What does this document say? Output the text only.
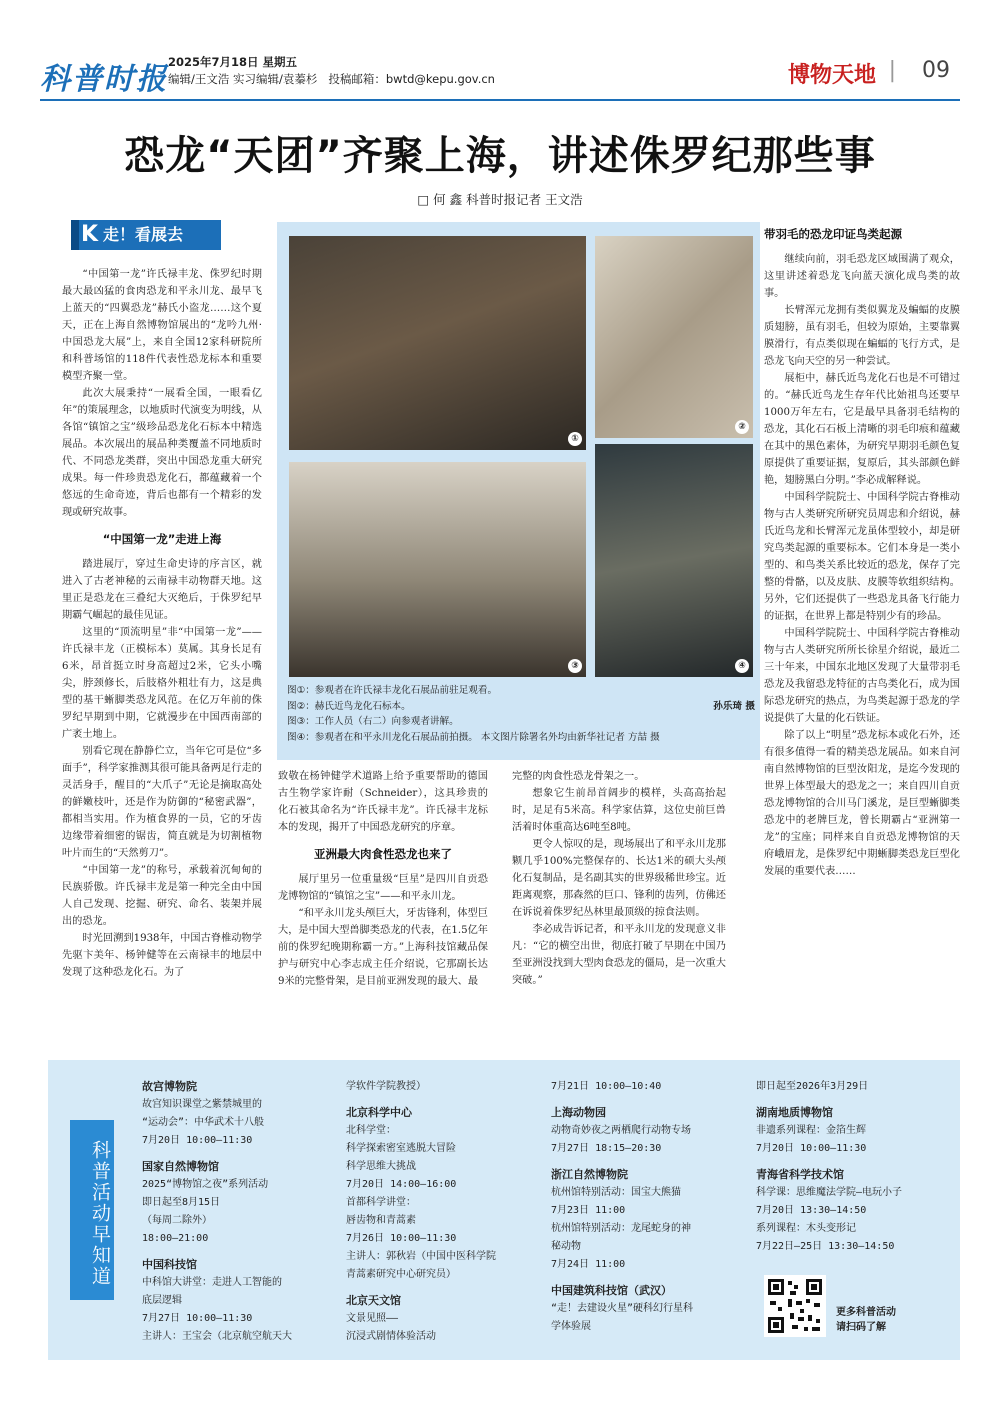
科普时报 2025年7月18日 星期五
编辑/王文浩 实习编辑/袁蓁杉 投稿邮箱：bwtd@kepu.gov.cn	博物天地 | 09
恐龙“天团”齐聚上海，讲述侏罗纪那些事
□ 何 鑫 科普时报记者 王文浩
K 走！看展去

“中国第一龙”许氏禄丰龙、侏罗纪时期最大最凶猛的食肉恐龙和平永川龙、最早飞上蓝天的“四翼恐龙”赫氏小盗龙……这个夏天，正在上海自然博物馆展出的“龙吟九州·中国恐龙大展”上，来自全国12家科研院所和科普场馆的118件代表性恐龙标本和重要模型齐聚一堂。

此次大展秉持“一展看全国，一眼看亿年”的策展理念，以地质时代演变为明线，从各馆“镇馆之宝”级珍品恐龙化石标本中精选展品。本次展出的展品种类覆盖不同地质时代、不同恐龙类群，突出中国恐龙重大研究成果。每一件珍贵恐龙化石，都蕴藏着一个悠远的生命奇迹，背后也都有一个精彩的发现或研究故事。

“中国第一龙”走进上海

踏进展厅，穿过生命史诗的序言区，就进入了古老神秘的云南禄丰动物群天地。这里正是恐龙在三叠纪大灭绝后，于侏罗纪早期霸气崛起的最佳见证。

这里的“顶流明星”非“中国第一龙”——许氏禄丰龙（正模标本）莫属。其身长足有6米，昂首挺立时身高超过2米，它头小嘴尖，脖颈修长，后肢格外粗壮有力，这是典型的基干蜥脚类恐龙风范。在亿万年前的侏罗纪早期到中期，它就漫步在中国西南部的广袤土地上。

别看它现在静静伫立，当年它可是位“多面手”，科学家推测其很可能具备两足行走的灵活身手，醒目的“大爪子”无论是摘取高处的鲜嫩枝叶，还是作为防御的“秘密武器”，都相当实用。作为植食界的一员，它的牙齿边缘带着细密的锯齿，简直就是为切割植物叶片而生的“天然剪刀”。

“中国第一龙”的称号，承载着沉甸甸的民族骄傲。许氏禄丰龙是第一种完全由中国人自己发现、挖掘、研究、命名、装架并展出的恐龙。

时光回溯到1938年，中国古脊椎动物学先驱卞美年、杨钟健等在云南禄丰的地层中发现了这种恐龙化石。为了

①
②
③	④
图①：参观者在许氏禄丰龙化石展品前驻足观看。
图②：赫氏近鸟龙化石标本。	孙乐琦 摄
图③：工作人员（右二）向参观者讲解。
图④：参观者在和平永川龙化石展品前拍摄。 本文图片除署名外均由新华社记者 方喆 摄

致敬在杨钟健学术道路上给予重要帮助的德国古生物学家许耐（Schneider），这具珍贵的化石被其命名为“许氏禄丰龙”。许氏禄丰龙标本的发现，揭开了中国恐龙研究的序章。

亚洲最大肉食性恐龙也来了

展厅里另一位重量级“巨星”是四川自贡恐龙博物馆的“镇馆之宝”——和平永川龙。

“和平永川龙头颅巨大，牙齿锋利，体型巨大，是中国大型兽脚类恐龙的代表，在1.5亿年前的侏罗纪晚期称霸一方。”上海科技馆藏品保护与研究中心李志成主任介绍说，它那副长达9米的完整骨架，是目前亚洲发现的最大、最

完整的肉食性恐龙骨架之一。

想象它生前昂首阔步的模样，头高高抬起时，足足有5米高。科学家估算，这位史前巨兽活着时体重高达6吨至8吨。

更令人惊叹的是，现场展出了和平永川龙那颗几乎100%完整保存的、长达1米的硕大头颅化石复制品，是名副其实的世界级稀世珍宝。近距离观察，那森然的巨口、锋利的齿列，仿佛还在诉说着侏罗纪丛林里最顶级的掠食法则。

李必成告诉记者，和平永川龙的发现意义非凡：“它的横空出世，彻底打破了早期在中国乃至亚洲没找到大型肉食恐龙的僵局，是一次重大突破。”

带羽毛的恐龙印证鸟类起源

继续向前，羽毛恐龙区域围满了观众，这里讲述着恐龙飞向蓝天演化成鸟类的故事。

长臂浑元龙拥有类似翼龙及蝙蝠的皮膜质翅膀，虽有羽毛，但较为原始，主要靠翼膜滑行，有点类似现在蝙蝠的飞行方式，是恐龙飞向天空的另一种尝试。

展柜中，赫氏近鸟龙化石也是不可错过的。“赫氏近鸟龙生存年代比始祖鸟还要早1000万年左右，它是最早具备羽毛结构的恐龙，其化石石板上清晰的羽毛印痕和蕴藏在其中的黑色素体，为研究早期羽毛颜色复原提供了重要证据，复原后，其头部颜色鲜艳，翅膀黑白分明。”李必成解释说。

中国科学院院士、中国科学院古脊椎动物与古人类研究所研究员周忠和介绍说，赫氏近鸟龙和长臂浑元龙虽体型较小，却是研究鸟类起源的重要标本。它们本身是一类小型的、和鸟类关系比较近的恐龙，保存了完整的骨骼，以及皮肤、皮膜等软组织结构。另外，它们还提供了一些恐龙具备飞行能力的证据，在世界上都是特别少有的珍品。

中国科学院院士、中国科学院古脊椎动物与古人类研究所所长徐星介绍说，最近二三十年来，中国东北地区发现了大量带羽毛恐龙及我留恐龙特征的古鸟类化石，成为国际恐龙研究的热点，为鸟类起源于恐龙的学说提供了大量的化石铁证。

除了以上“明星”恐龙标本或化石外，还有很多值得一看的精美恐龙展品。如来自河南自然博物馆的巨型汝阳龙，是迄今发现的世界上体型最大的恐龙之一；来自四川自贡恐龙博物馆的合川马门溪龙，是巨型蜥脚类恐龙中的老牌巨龙，曾长期霸占“亚洲第一龙”的宝座；同样来自自贡恐龙博物馆的天府峨眉龙，是侏罗纪中期蜥脚类恐龙巨型化发展的重要代表……

科普活动早知道
故宫博物院
故宫知识课堂之紫禁城里的
“运动会”：中华武术十八般
7月20日 10:00—11:30
国家自然博物馆
2025“博物馆之夜”系列活动
即日起至8月15日
（每周二除外）
18:00—21:00
中国科技馆
中科馆大讲堂：走进人工智能的
底层逻辑
7月27日 10:00—11:30
主讲人：王宝会（北京航空航天大
学软件学院教授）
北京科学中心
北科学堂：
科学探索密室逃脱大冒险
科学思维大挑战
7月20日 14:00—16:00
首都科学讲堂：
唇齿物和青蒿素
7月26日 10:00—11:30
主讲人：郭秋岩（中国中医科学院
青蒿素研究中心研究员）
北京天文馆
文景见照——
沉浸式剧情体验活动
7月21日 10:00—10:40
上海动物园
动物奇妙夜之两栖爬行动物专场
7月27日 18:15—20:30
浙江自然博物院
杭州馆特别活动：国宝大熊猫
7月23日 11:00
杭州馆特别活动：龙尾蛇身的神
秘动物
7月24日 11:00
中国建筑科技馆（武汉）
“走！去建设火星”硬科幻行星科
学体验展
即日起至2026年3月29日
湖南地质博物馆
非遗系列课程：金箔生辉
7月20日 10:00—11:30
青海省科学技术馆
科学课：思维魔法学院—电玩小子
7月20日 13:30—14:50
系列课程：木头变形记
7月22日—25日 13:30—14:50
更多科普活动
请扫码了解
